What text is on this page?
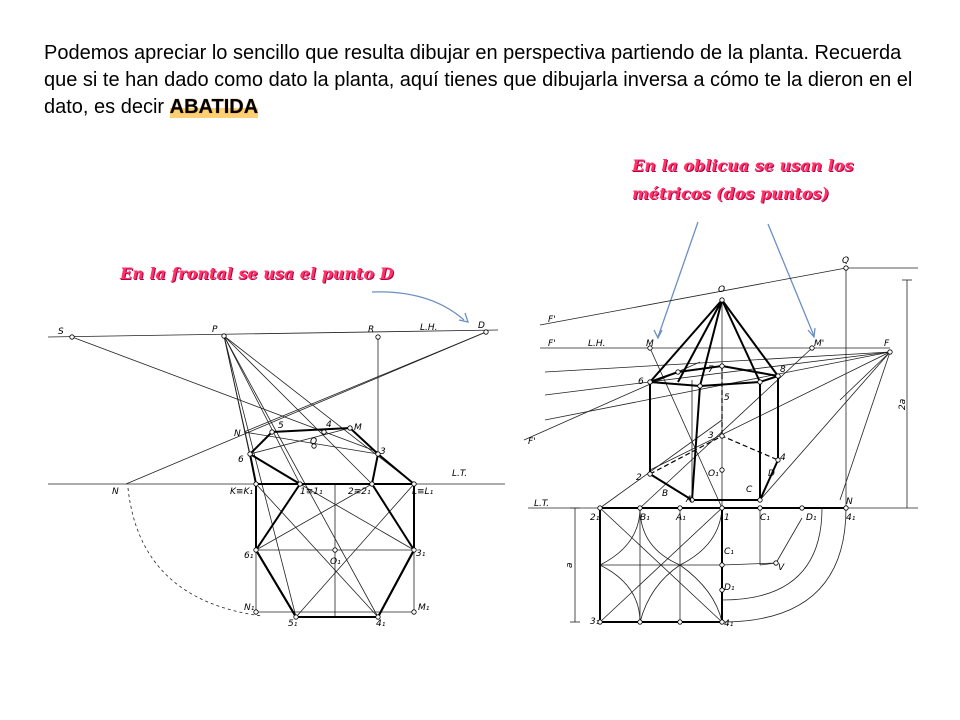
Podemos apreciar lo sencillo que resulta dibujar en perspectiva partiendo de la planta. Recuerda que si te han dado como dato la planta, aquí tienes que dibujarla inversa a cómo te la dieron en el dato, es decir ABATIDA
En la oblicua se usan los
métricos (dos puntos)
En la frontal se usa el punto D
S	P	R	L.H.	D
N
5	4 M
O
3
6
L.T.
N	K≡K₁	1≡1₁	2≡2₁	L≡L₁
6₁
O₁
3₁
N₁
5₁	4₁
M₁
Q
O
F'
F'	L.H.	M	M'	F
6
7	8
5
3
2	O₁
4
B
A
C
D
N
F'
2a
L.T.
2₁	B₁	A₁	1	C₁	D₁	4₁
a
C₁
V
D₁
3₁	4₁
